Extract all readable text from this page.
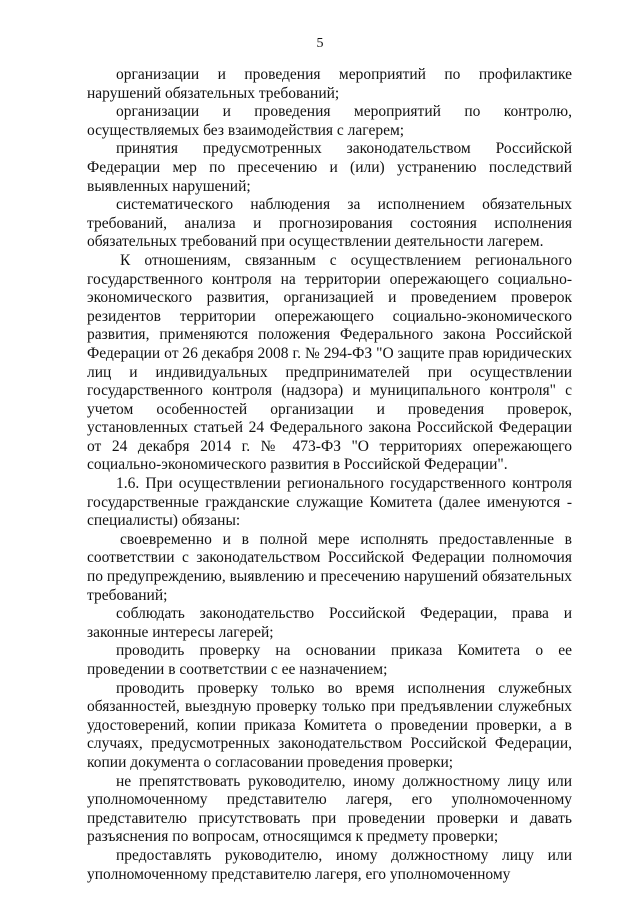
5

организации и проведения мероприятий по профилактике нарушений обязательных требований;

организации и проведения мероприятий по контролю, осуществляемых без взаимодействия с лагерем;

принятия предусмотренных законодательством Российской Федерации мер по пресечению и (или) устранению последствий выявленных нарушений;

систематического наблюдения за исполнением обязательных требований, анализа и прогнозирования состояния исполнения обязательных требований при осуществлении деятельности лагерем.

К отношениям, связанным с осуществлением регионального государственного контроля на территории опережающего социально-экономического развития, организацией и проведением проверок резидентов территории опережающего социально-экономического развития, применяются положения Федерального закона Российской Федерации от 26 декабря 2008 г. № 294-ФЗ "О защите прав юридических лиц и индивидуальных предпринимателей при осуществлении государственного контроля (надзора) и муниципального контроля" с учетом особенностей организации и проведения проверок, установленных статьей 24 Федерального закона Российской Федерации от 24 декабря 2014 г. № 473-ФЗ "О территориях опережающего социально-экономического развития в Российской Федерации".

1.6. При осуществлении регионального государственного контроля государственные гражданские служащие Комитета (далее именуются - специалисты) обязаны:

своевременно и в полной мере исполнять предоставленные в соответствии с законодательством Российской Федерации полномочия по предупреждению, выявлению и пресечению нарушений обязательных требований;

соблюдать законодательство Российской Федерации, права и законные интересы лагерей;

проводить проверку на основании приказа Комитета о ее проведении в соответствии с ее назначением;

проводить проверку только во время исполнения служебных обязанностей, выездную проверку только при предъявлении служебных удостоверений, копии приказа Комитета о проведении проверки, а в случаях, предусмотренных законодательством Российской Федерации, копии документа о согласовании проведения проверки;

не препятствовать руководителю, иному должностному лицу или уполномоченному представителю лагеря, его уполномоченному представителю присутствовать при проведении проверки и давать разъяснения по вопросам, относящимся к предмету проверки;

предоставлять руководителю, иному должностному лицу или уполномоченному представителю лагеря, его уполномоченному
